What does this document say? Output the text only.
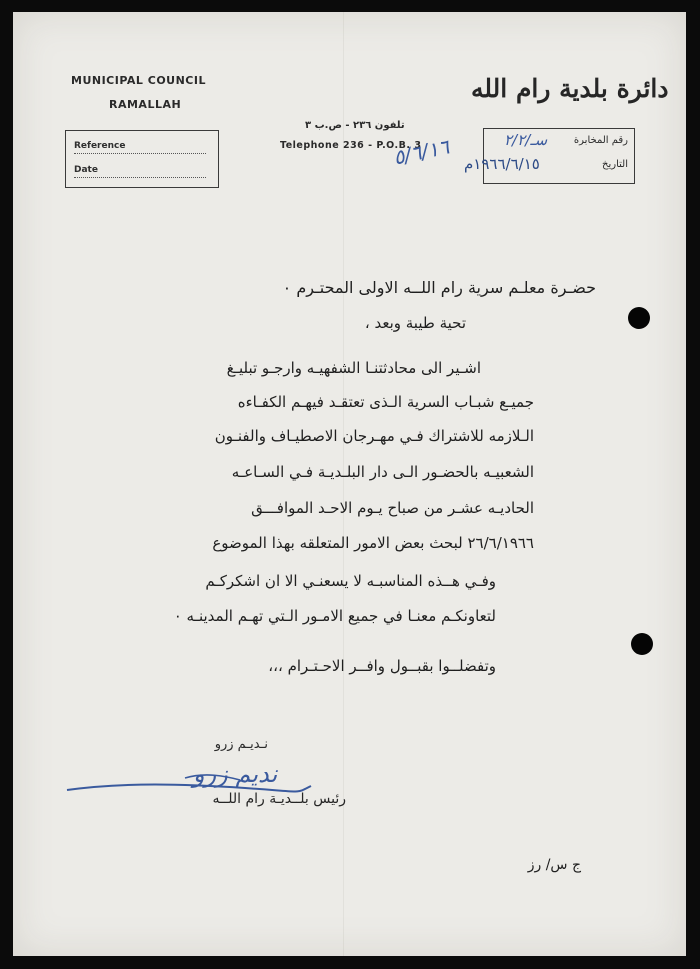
MUNICIPAL COUNCIL
RAMALLAH
Reference
Date
دائرة بلدية رام الله
تلفون ٢٣٦ - ص.ب ٣
Telephone 236 - P.O.B. 3
٥/٦/١٦	رقم المخابرة
سـ/٢/٢
التاريخ
١٩٦٦/٦/١٥م
حضـرة معلـم سرية رام اللــه الاولى المحتـرم ٠
تحية طيبة وبعد ،
اشـير الى محادثتنـا الشفهيـه وارجـو تبليـغ
جميـع شبـاب السرية الـذى تعتقـد فيهـم الكفـاءه
الـلازمه للاشتراك فـي مهـرجان الاصطيـاف والفنـون
الشعبيـه بالحضـور الـى دار البلـديـة فـي السـاعـه
الحاديـه عشـر من صباح يـوم الاحـد الموافـــق
٢٦/٦/١٩٦٦ لبحث بعض الامور المتعلقه بهذا الموضوع
وفـي هــذه المناسبـه لا يسعنـي الا ان اشكركـم
لتعاونكـم معنـا في جميع الامـور الـتي تهـم المدينـه ٠
وتفضلــوا بقبــول وافــر الاحـتـرام ،،،
نـديـم زرو
نديم زرو
رئيس بلــديـة رام اللــه
ج س/ رز
